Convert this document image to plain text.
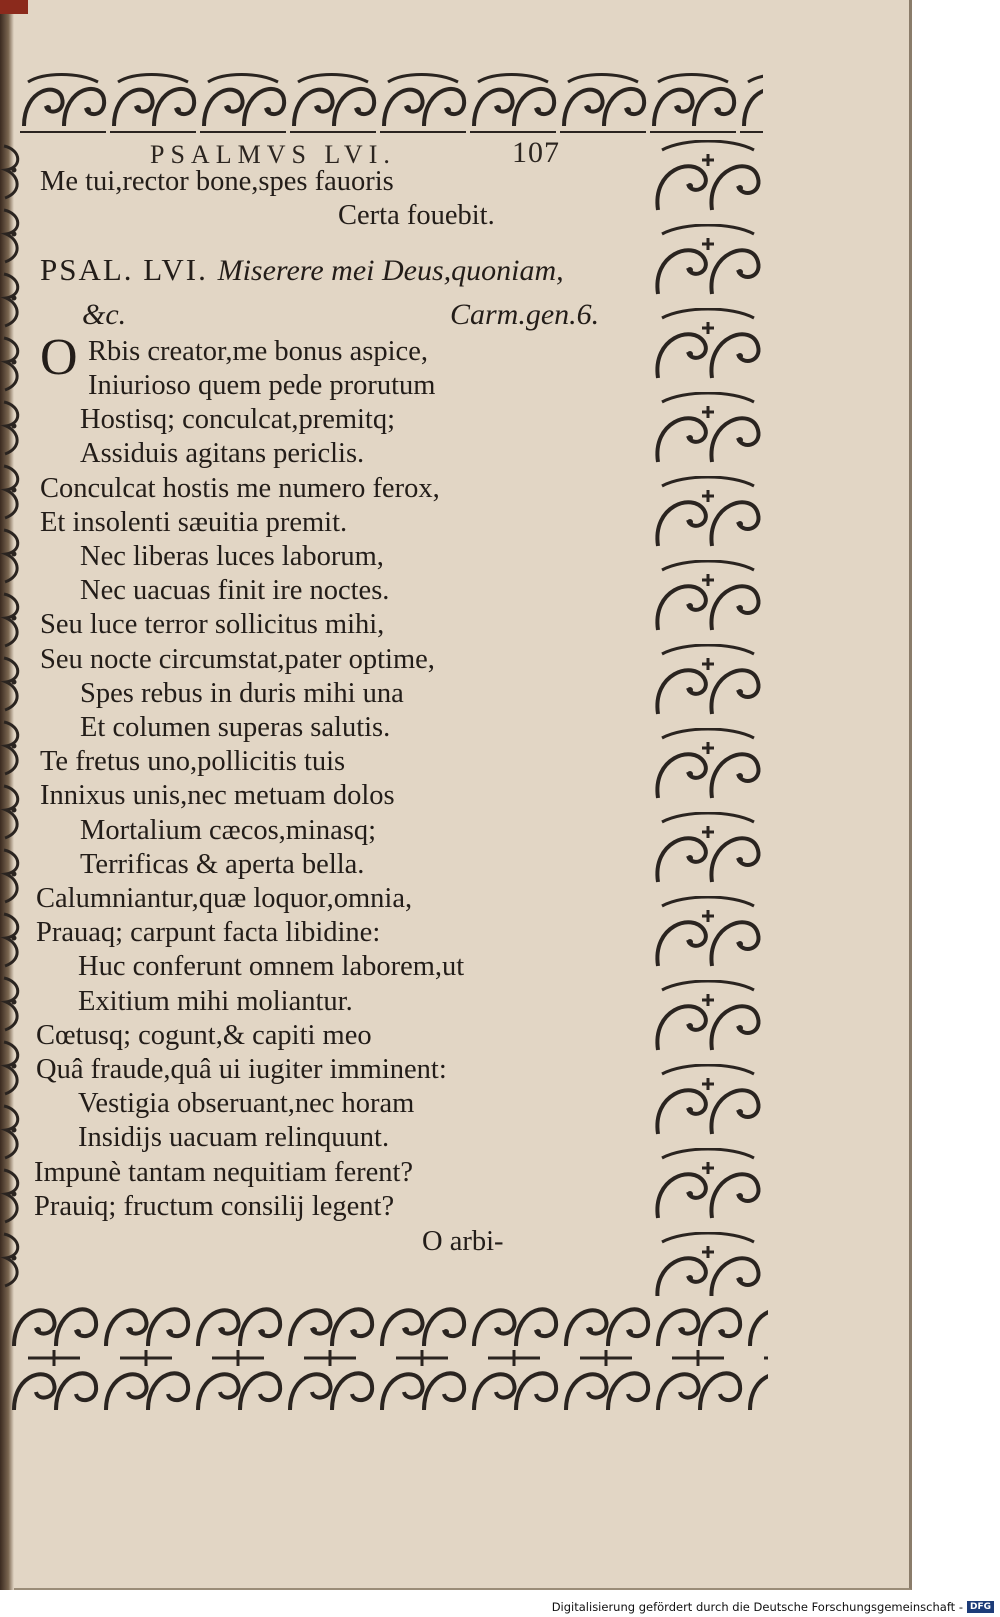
PSALMVS LVI.	107
Me tui,rector bone,spes fauoris
Certa fouebit.
PSAL. LVI. Miserere mei Deus,quoniam,
&c.	Carm.gen.6.
O Rbis creator,me bonus aspice,
Iniurioso quem pede prorutum
Hostisq; conculcat,premitq;
Assiduis agitans periclis.
Conculcat hostis me numero ferox,
Et insolenti sæuitia premit.
Nec liberas luces laborum,
Nec uacuas finit ire noctes.
Seu luce terror sollicitus mihi,
Seu nocte circumstat,pater optime,
Spes rebus in duris mihi una
Et columen superas salutis.
Te fretus uno,pollicitis tuis
Innixus unis,nec metuam dolos
Mortalium cæcos,minasq;
Terrificas & aperta bella.
Calumniantur,quæ loquor,omnia,
Prauaq; carpunt facta libidine:
Huc conferunt omnem laborem,ut
Exitium mihi moliantur.
Cœtusq; cogunt,& capiti meo
Quâ fraude,quâ ui iugiter imminent:
Vestigia obseruant,nec horam
Insidijs uacuam relinquunt.
Impunè tantam nequitiam ferent?
Prauiq; fructum consilij legent?
O arbi-
Digitalisierung gefördert durch die Deutsche Forschungsgemeinschaft - DFG
